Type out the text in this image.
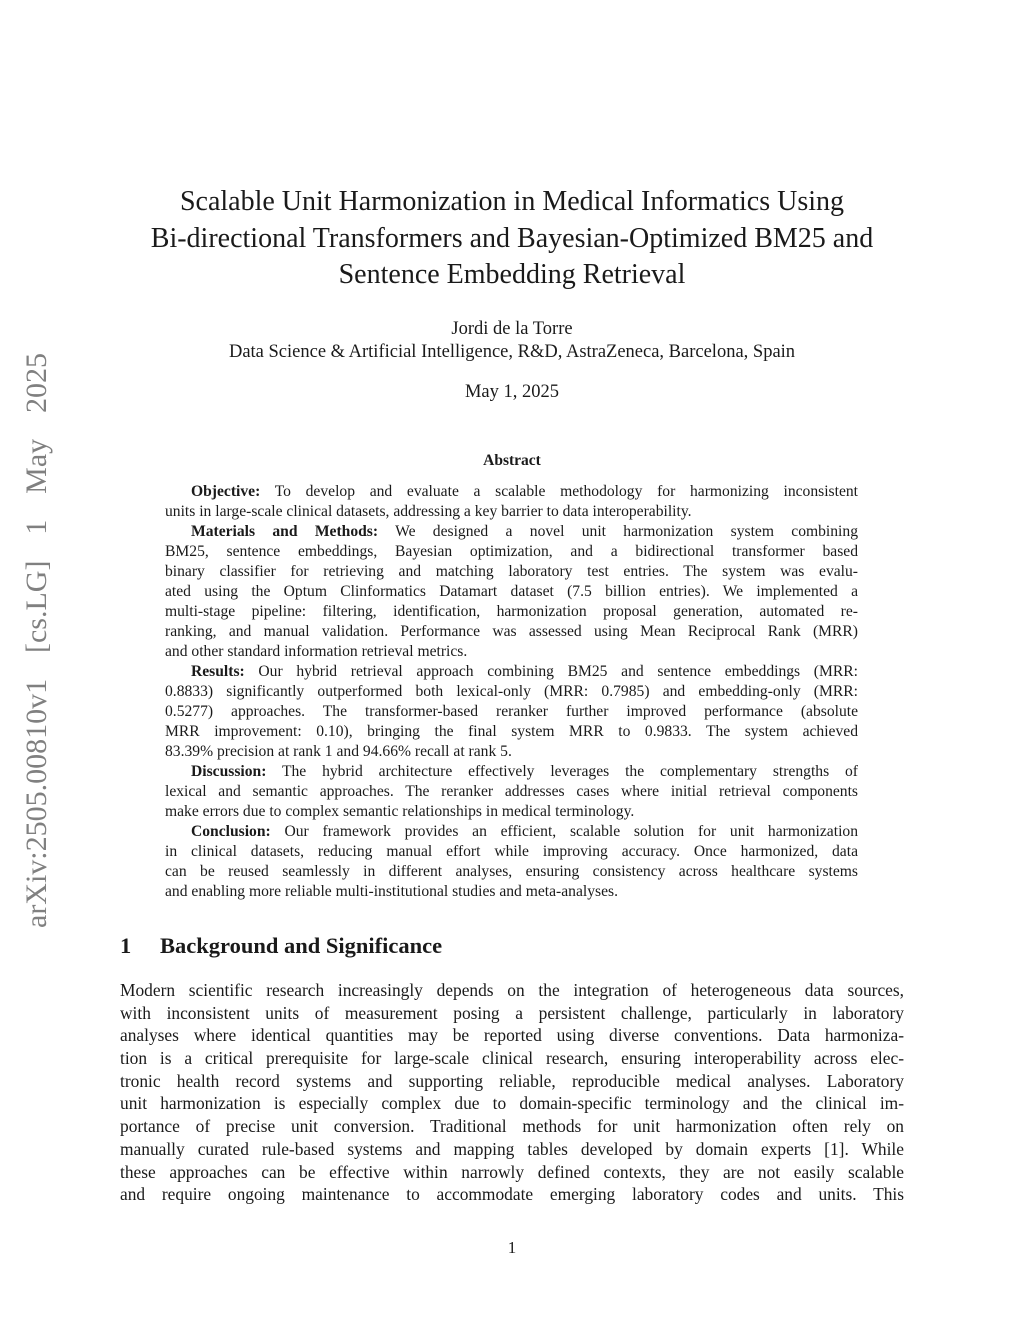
arXiv:2505.00810v1 [cs.LG] 1 May 2025
Scalable Unit Harmonization in Medical Informatics Using
Bi-directional Transformers and Bayesian-Optimized BM25 and
Sentence Embedding Retrieval
Jordi de la Torre
Data Science & Artificial Intelligence, R&D, AstraZeneca, Barcelona, Spain
May 1, 2025
Abstract
Objective: To develop and evaluate a scalable methodology for harmonizing inconsistent
units in large-scale clinical datasets, addressing a key barrier to data interoperability.
Materials and Methods: We designed a novel unit harmonization system combining
BM25, sentence embeddings, Bayesian optimization, and a bidirectional transformer based
binary classifier for retrieving and matching laboratory test entries. The system was evalu-
ated using the Optum Clinformatics Datamart dataset (7.5 billion entries). We implemented a
multi-stage pipeline: filtering, identification, harmonization proposal generation, automated re-
ranking, and manual validation. Performance was assessed using Mean Reciprocal Rank (MRR)
and other standard information retrieval metrics.
Results: Our hybrid retrieval approach combining BM25 and sentence embeddings (MRR:
0.8833) significantly outperformed both lexical-only (MRR: 0.7985) and embedding-only (MRR:
0.5277) approaches. The transformer-based reranker further improved performance (absolute
MRR improvement: 0.10), bringing the final system MRR to 0.9833. The system achieved
83.39% precision at rank 1 and 94.66% recall at rank 5.
Discussion: The hybrid architecture effectively leverages the complementary strengths of
lexical and semantic approaches. The reranker addresses cases where initial retrieval components
make errors due to complex semantic relationships in medical terminology.
Conclusion: Our framework provides an efficient, scalable solution for unit harmonization
in clinical datasets, reducing manual effort while improving accuracy. Once harmonized, data
can be reused seamlessly in different analyses, ensuring consistency across healthcare systems
and enabling more reliable multi-institutional studies and meta-analyses.
1 Background and Significance
Modern scientific research increasingly depends on the integration of heterogeneous data sources,
with inconsistent units of measurement posing a persistent challenge, particularly in laboratory
analyses where identical quantities may be reported using diverse conventions. Data harmoniza-
tion is a critical prerequisite for large-scale clinical research, ensuring interoperability across elec-
tronic health record systems and supporting reliable, reproducible medical analyses. Laboratory
unit harmonization is especially complex due to domain-specific terminology and the clinical im-
portance of precise unit conversion. Traditional methods for unit harmonization often rely on
manually curated rule-based systems and mapping tables developed by domain experts [1]. While
these approaches can be effective within narrowly defined contexts, they are not easily scalable
and require ongoing maintenance to accommodate emerging laboratory codes and units. This
1
